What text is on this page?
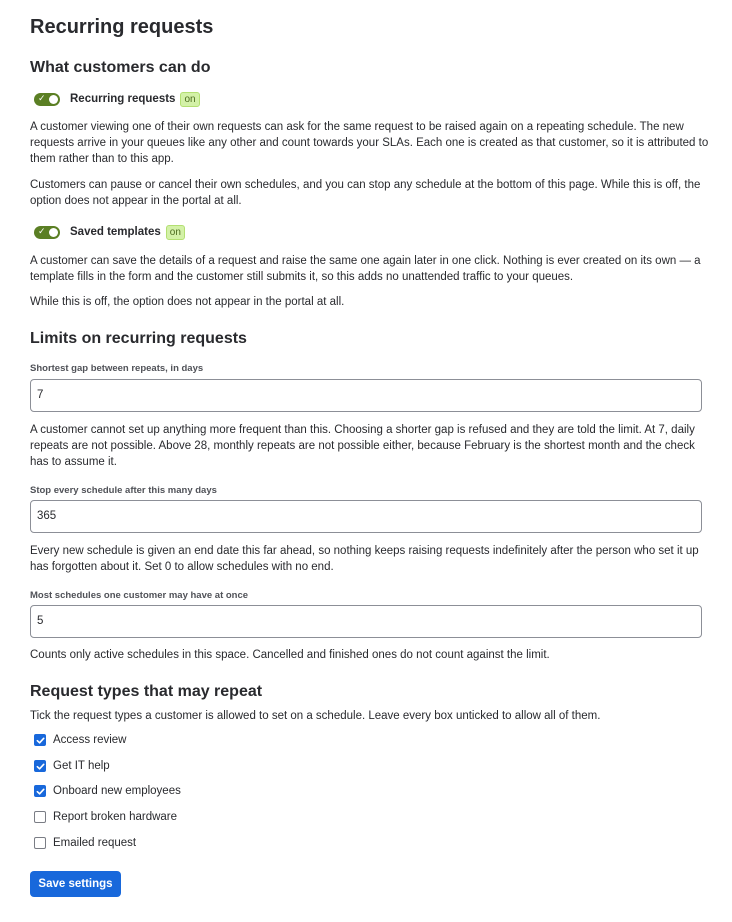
Recurring requests
What customers can do
✓ Recurring requests on

A customer viewing one of their own requests can ask for the same request to be raised again on a repeating schedule. The new requests arrive in your queues like any other and count towards your SLAs. Each one is created as that customer, so it is attributed to them rather than to this app.

Customers can pause or cancel their own schedules, and you can stop any schedule at the bottom of this page. While this is off, the option does not appear in the portal at all.

✓ Saved templates on

A customer can save the details of a request and raise the same one again later in one click. Nothing is ever created on its own — a template fills in the form and the customer still submits it, so this adds no unattended traffic to your queues.

While this is off, the option does not appear in the portal at all.

Limits on recurring requests
Shortest gap between repeats, in days
7

A customer cannot set up anything more frequent than this. Choosing a shorter gap is refused and they are told the limit. At 7, daily repeats are not possible. Above 28, monthly repeats are not possible either, because February is the shortest month and the check has to assume it.

Stop every schedule after this many days
365

Every new schedule is given an end date this far ahead, so nothing keeps raising requests indefinitely after the person who set it up has forgotten about it. Set 0 to allow schedules with no end.

Most schedules one customer may have at once
5

Counts only active schedules in this space. Cancelled and finished ones do not count against the limit.

Request types that may repeat

Tick the request types a customer is allowed to set on a schedule. Leave every box unticked to allow all of them.

Access review
Get IT help
Onboard new employees
Report broken hardware
Emailed request
Save settings
